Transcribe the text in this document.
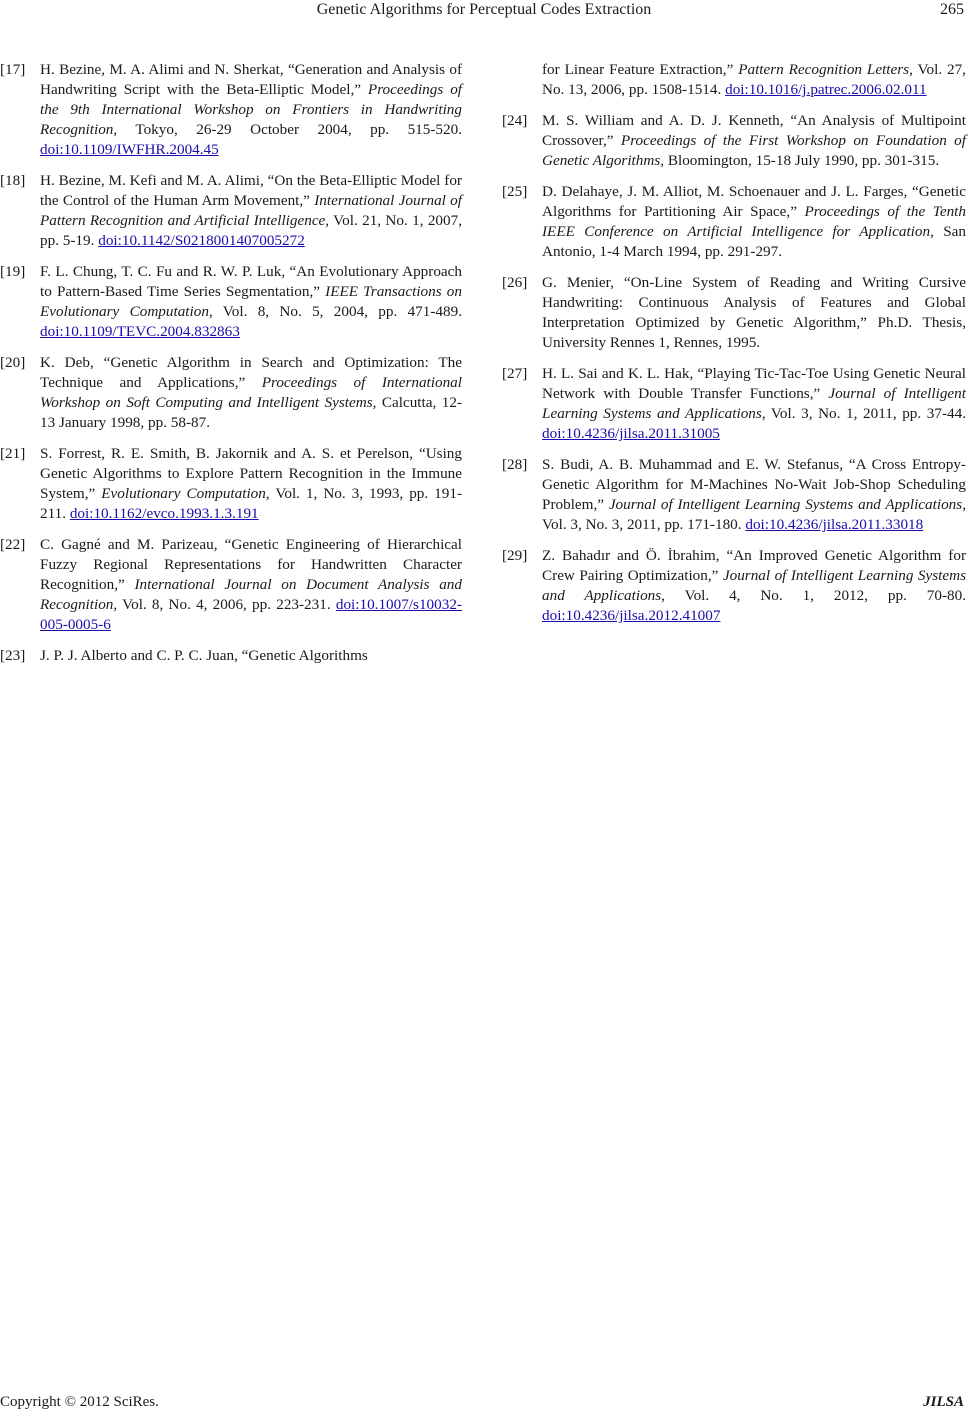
Genetic Algorithms for Perceptual Codes Extraction	265
[17] H. Bezine, M. A. Alimi and N. Sherkat, “Generation and Analysis of Handwriting Script with the Beta-Elliptic Model,” Proceedings of the 9th International Workshop on Frontiers in Handwriting Recognition, Tokyo, 26-29 October 2004, pp. 515-520. doi:10.1109/IWFHR.2004.45
[18] H. Bezine, M. Kefi and M. A. Alimi, “On the Beta-Elliptic Model for the Control of the Human Arm Movement,” International Journal of Pattern Recognition and Artificial Intelligence, Vol. 21, No. 1, 2007, pp. 5-19. doi:10.1142/S0218001407005272
[19] F. L. Chung, T. C. Fu and R. W. P. Luk, “An Evolutionary Approach to Pattern-Based Time Series Segmentation,” IEEE Transactions on Evolutionary Computation, Vol. 8, No. 5, 2004, pp. 471-489. doi:10.1109/TEVC.2004.832863
[20] K. Deb, “Genetic Algorithm in Search and Optimization: The Technique and Applications,” Proceedings of International Workshop on Soft Computing and Intelligent Systems, Calcutta, 12-13 January 1998, pp. 58-87.
[21] S. Forrest, R. E. Smith, B. Jakornik and A. S. et Perelson, “Using Genetic Algorithms to Explore Pattern Recognition in the Immune System,” Evolutionary Computation, Vol. 1, No. 3, 1993, pp. 191-211. doi:10.1162/evco.1993.1.3.191
[22] C. Gagné and M. Parizeau, “Genetic Engineering of Hierarchical Fuzzy Regional Representations for Handwritten Character Recognition,” International Journal on Document Analysis and Recognition, Vol. 8, No. 4, 2006, pp. 223-231. doi:10.1007/s10032-005-0005-6
[23] J. P. J. Alberto and C. P. C. Juan, “Genetic Algorithms
for Linear Feature Extraction,” Pattern Recognition Letters, Vol. 27, No. 13, 2006, pp. 1508-1514. doi:10.1016/j.patrec.2006.02.011
[24] M. S. William and A. D. J. Kenneth, “An Analysis of Multipoint Crossover,” Proceedings of the First Workshop on Foundation of Genetic Algorithms, Bloomington, 15-18 July 1990, pp. 301-315.
[25] D. Delahaye, J. M. Alliot, M. Schoenauer and J. L. Farges, “Genetic Algorithms for Partitioning Air Space,” Proceedings of the Tenth IEEE Conference on Artificial Intelligence for Application, San Antonio, 1-4 March 1994, pp. 291-297.
[26] G. Menier, “On-Line System of Reading and Writing Cursive Handwriting: Continuous Analysis of Features and Global Interpretation Optimized by Genetic Algorithm,” Ph.D. Thesis, University Rennes 1, Rennes, 1995.
[27] H. L. Sai and K. L. Hak, “Playing Tic-Tac-Toe Using Genetic Neural Network with Double Transfer Functions,” Journal of Intelligent Learning Systems and Applications, Vol. 3, No. 1, 2011, pp. 37-44. doi:10.4236/jilsa.2011.31005
[28] S. Budi, A. B. Muhammad and E. W. Stefanus, “A Cross Entropy-Genetic Algorithm for M-Machines No-Wait Job-Shop Scheduling Problem,” Journal of Intelligent Learning Systems and Applications, Vol. 3, No. 3, 2011, pp. 171-180. doi:10.4236/jilsa.2011.33018
[29] Z. Bahadır and Ö. İbrahim, “An Improved Genetic Algorithm for Crew Pairing Optimization,” Journal of Intelligent Learning Systems and Applications, Vol. 4, No. 1, 2012, pp. 70-80. doi:10.4236/jilsa.2012.41007
Copyright © 2012 SciRes.	JILSA
